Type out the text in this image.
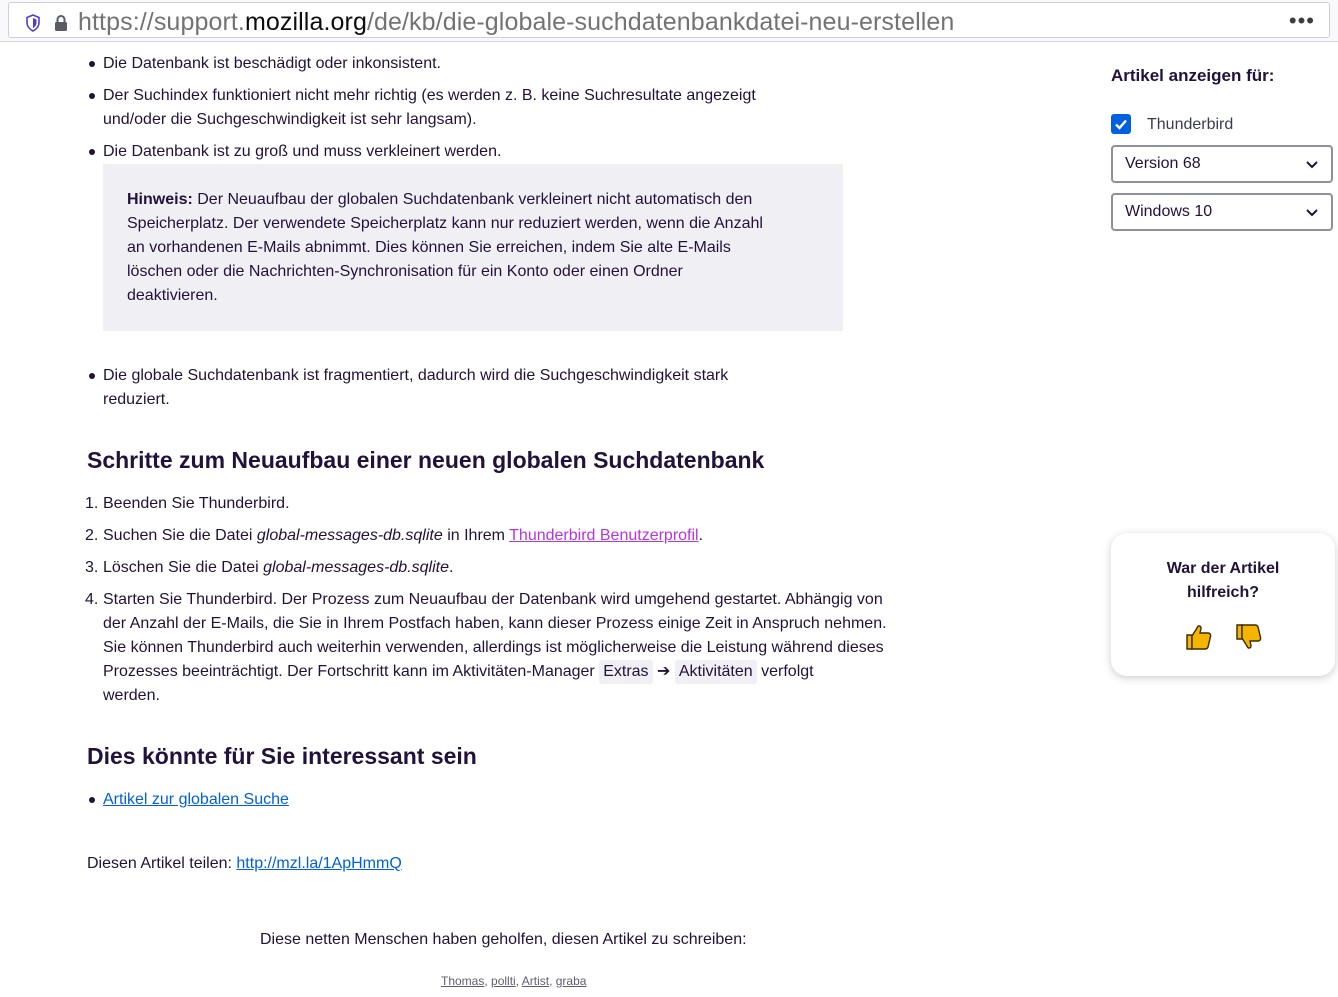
https://support.mozilla.org/de/kb/die-globale-suchdatenbankdatei-neu-erstellen	•••
Die Datenbank ist beschädigt oder inkonsistent.
Der Suchindex funktioniert nicht mehr richtig (es werden z. B. keine Suchresultate angezeigt
und/oder die Suchgeschwindigkeit ist sehr langsam).
Die Datenbank ist zu groß und muss verkleinert werden.
Hinweis: Der Neuaufbau der globalen Suchdatenbank verkleinert nicht automatisch den
Speicherplatz. Der verwendete Speicherplatz kann nur reduziert werden, wenn die Anzahl
an vorhandenen E-Mails abnimmt. Dies können Sie erreichen, indem Sie alte E-Mails
löschen oder die Nachrichten-Synchronisation für ein Konto oder einen Ordner
deaktivieren.
Die globale Suchdatenbank ist fragmentiert, dadurch wird die Suchgeschwindigkeit stark
reduziert.
Schritte zum Neuaufbau einer neuen globalen Suchdatenbank
1. Beenden Sie Thunderbird.
2. Suchen Sie die Datei global-messages-db.sqlite in Ihrem Thunderbird Benutzerprofil.
3. Löschen Sie die Datei global-messages-db.sqlite.
4. Starten Sie Thunderbird. Der Prozess zum Neuaufbau der Datenbank wird umgehend gestartet. Abhängig von
der Anzahl der E-Mails, die Sie in Ihrem Postfach haben, kann dieser Prozess einige Zeit in Anspruch nehmen.
Sie können Thunderbird auch weiterhin verwenden, allerdings ist möglicherweise die Leistung während dieses
Prozesses beeinträchtigt. Der Fortschritt kann im Aktivitäten-Manager Extras ➔ Aktivitäten verfolgt
werden.
Dies könnte für Sie interessant sein
Artikel zur globalen Suche
Diesen Artikel teilen: http://mzl.la/1ApHmmQ
Diese netten Menschen haben geholfen, diesen Artikel zu schreiben:
Thomas, pollti, Artist, graba
Artikel anzeigen für:
Thunderbird
Version 68
Windows 10
War der Artikel
hilfreich?
